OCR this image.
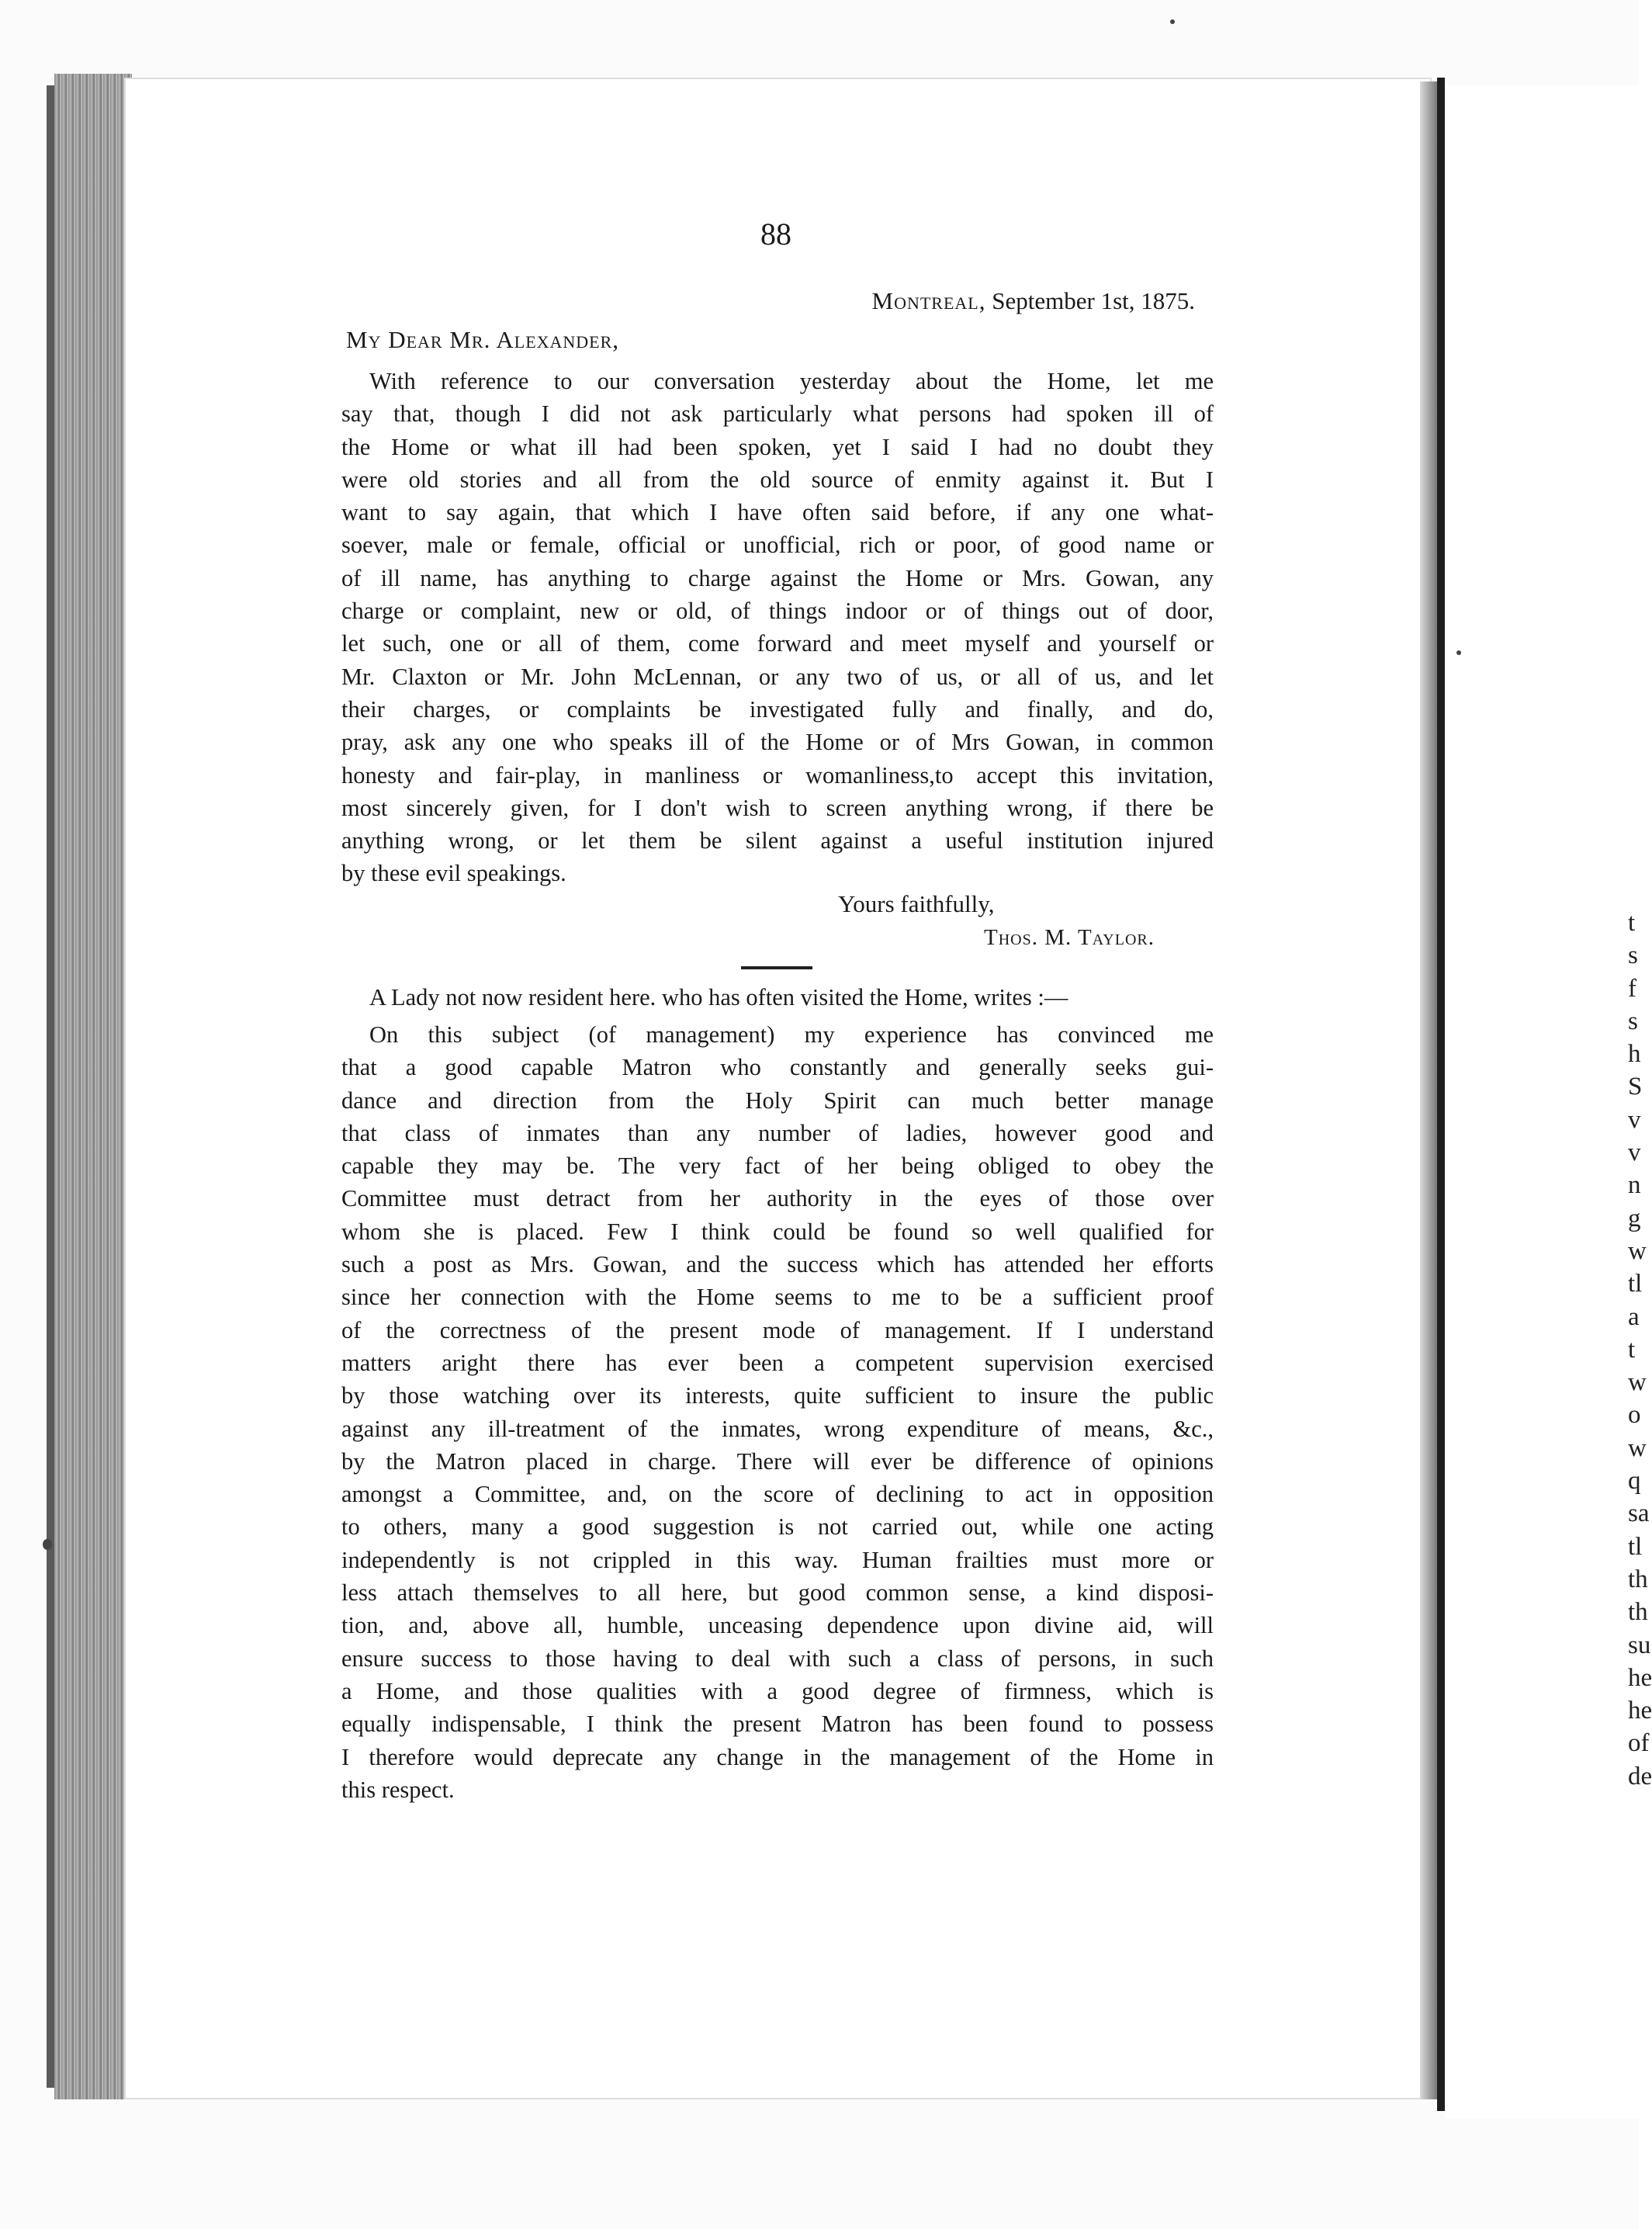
t
s
f
s
h
S
v
v
n
g
w
tl
a
t
w
o
w
q
sa
tl
th
th
su
he
he
of
de
88
Montreal, September 1st, 1875.
My Dear Mr. Alexander,
With reference to our conversation yesterday about the Home, let me
say that, though I did not ask particularly what persons had spoken ill of
the Home or what ill had been spoken, yet I said I had no doubt they
were old stories and all from the old source of enmity against it. But I
want to say again, that which I have often said before, if any one what-
soever, male or female, official or unofficial, rich or poor, of good name or
of ill name, has anything to charge against the Home or Mrs. Gowan, any
charge or complaint, new or old, of things indoor or of things out of door,
let such, one or all of them, come forward and meet myself and yourself or
Mr. Claxton or Mr. John McLennan, or any two of us, or all of us, and let
their charges, or complaints be investigated fully and finally, and do,
pray, ask any one who speaks ill of the Home or of Mrs Gowan, in common
honesty and fair-play, in manliness or womanliness,to accept this invitation,
most sincerely given, for I don't wish to screen anything wrong, if there be
anything wrong, or let them be silent against a useful institution injured
by these evil speakings.
Yours faithfully,
Thos. M. Taylor.
A Lady not now resident here. who has often visited the Home, writes :—
On this subject (of management) my experience has convinced me
that a good capable Matron who constantly and generally seeks gui-
dance and direction from the Holy Spirit can much better manage
that class of inmates than any number of ladies, however good and
capable they may be. The very fact of her being obliged to obey the
Committee must detract from her authority in the eyes of those over
whom she is placed. Few I think could be found so well qualified for
such a post as Mrs. Gowan, and the success which has attended her efforts
since her connection with the Home seems to me to be a sufficient proof
of the correctness of the present mode of management. If I understand
matters aright there has ever been a competent supervision exercised
by those watching over its interests, quite sufficient to insure the public
against any ill-treatment of the inmates, wrong expenditure of means, &c.,
by the Matron placed in charge. There will ever be difference of opinions
amongst a Committee, and, on the score of declining to act in opposition
to others, many a good suggestion is not carried out, while one acting
independently is not crippled in this way. Human frailties must more or
less attach themselves to all here, but good common sense, a kind disposi-
tion, and, above all, humble, unceasing dependence upon divine aid, will
ensure success to those having to deal with such a class of persons, in such
a Home, and those qualities with a good degree of firmness, which is
equally indispensable, I think the present Matron has been found to possess
I therefore would deprecate any change in the management of the Home in
this respect.
